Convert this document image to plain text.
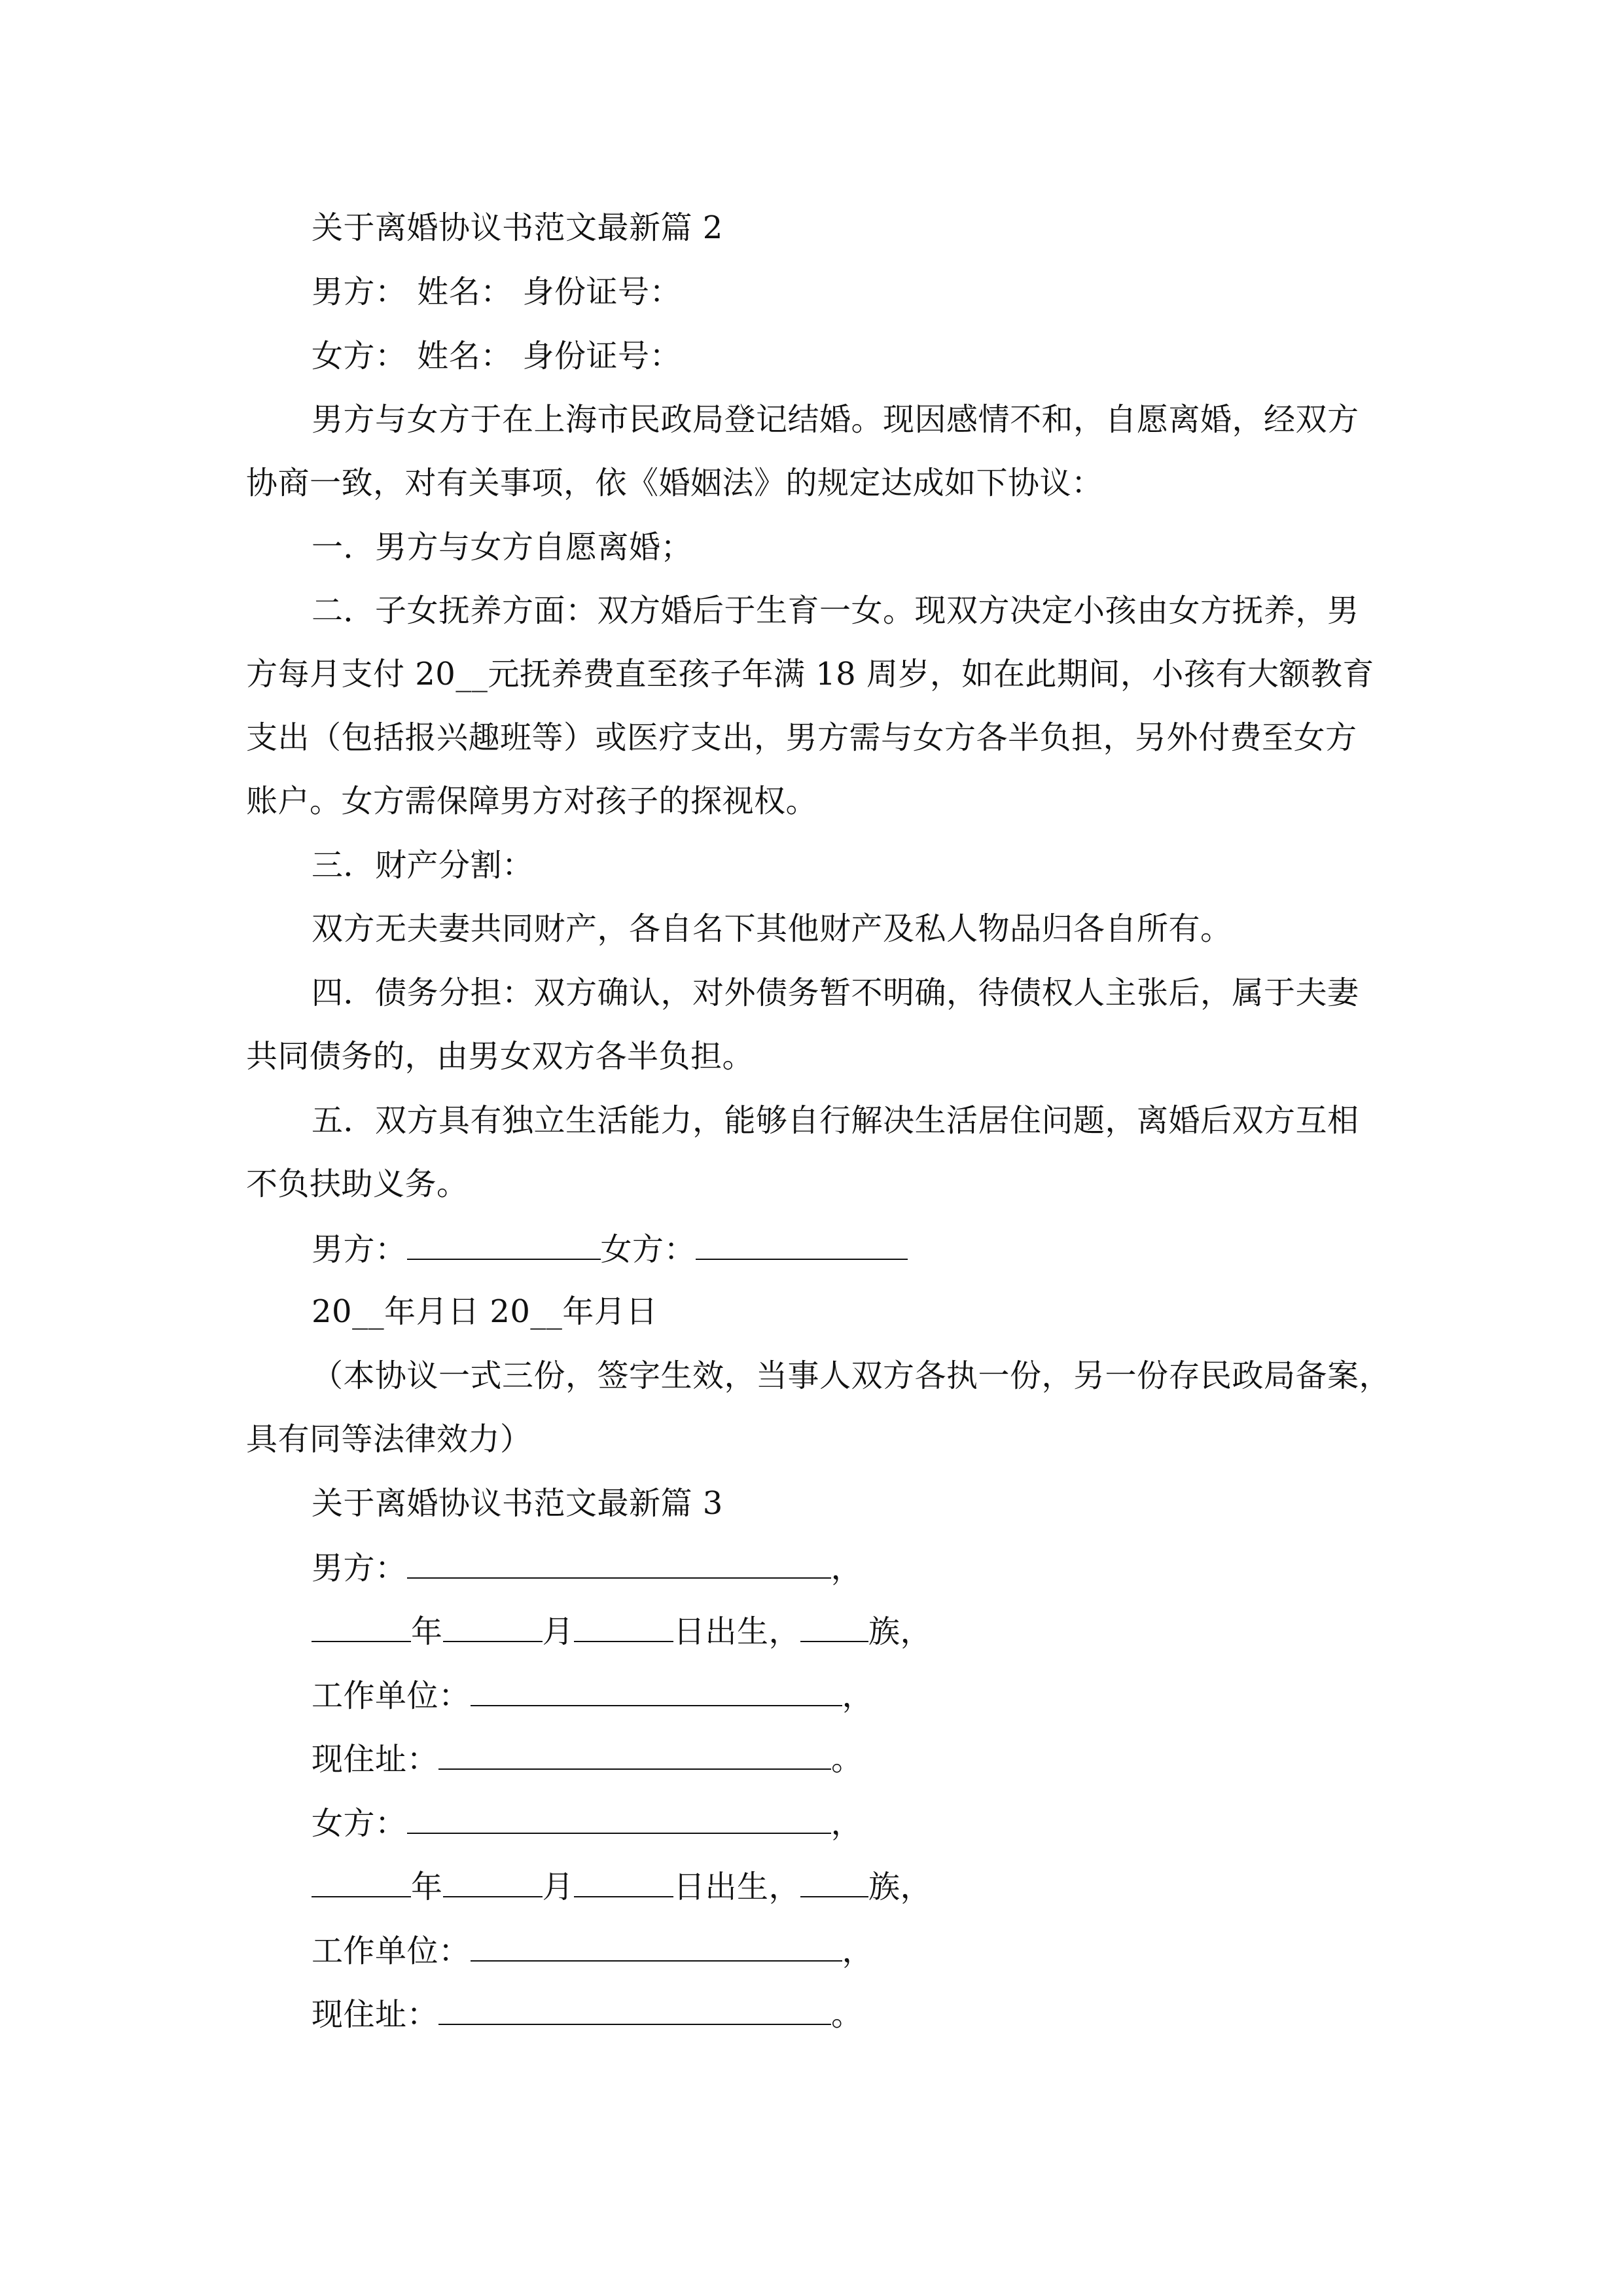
关于离婚协议书范文最新篇 2
男方： 姓名： 身份证号：
女方： 姓名： 身份证号：
男方与女方于在上海市民政局登记结婚。现因感情不和，自愿离婚，经双方
协商一致，对有关事项，依《婚姻法》的规定达成如下协议：
一．男方与女方自愿离婚；
二．子女抚养方面：双方婚后于生育一女。现双方决定小孩由女方抚养，男
方每月支付 20__元抚养费直至孩子年满 18 周岁，如在此期间，小孩有大额教育
支出（包括报兴趣班等）或医疗支出，男方需与女方各半负担，另外付费至女方
账户。女方需保障男方对孩子的探视权。
三．财产分割：
双方无夫妻共同财产，各自名下其他财产及私人物品归各自所有。
四．债务分担：双方确认，对外债务暂不明确，待债权人主张后，属于夫妻
共同债务的，由男女双方各半负担。
五．双方具有独立生活能力，能够自行解决生活居住问题，离婚后双方互相
不负扶助义务。
男方：	女方：
20__年月日 20__年月日
（本协议一式三份，签字生效，当事人双方各执一份，另一份存民政局备案，
具有同等法律效力）
关于离婚协议书范文最新篇 3
男方：	，
年	月	日出生， 族，
工作单位：	，
现住址：	。
女方：	，
年	月	日出生， 族，
工作单位：	，
现住址：	。
